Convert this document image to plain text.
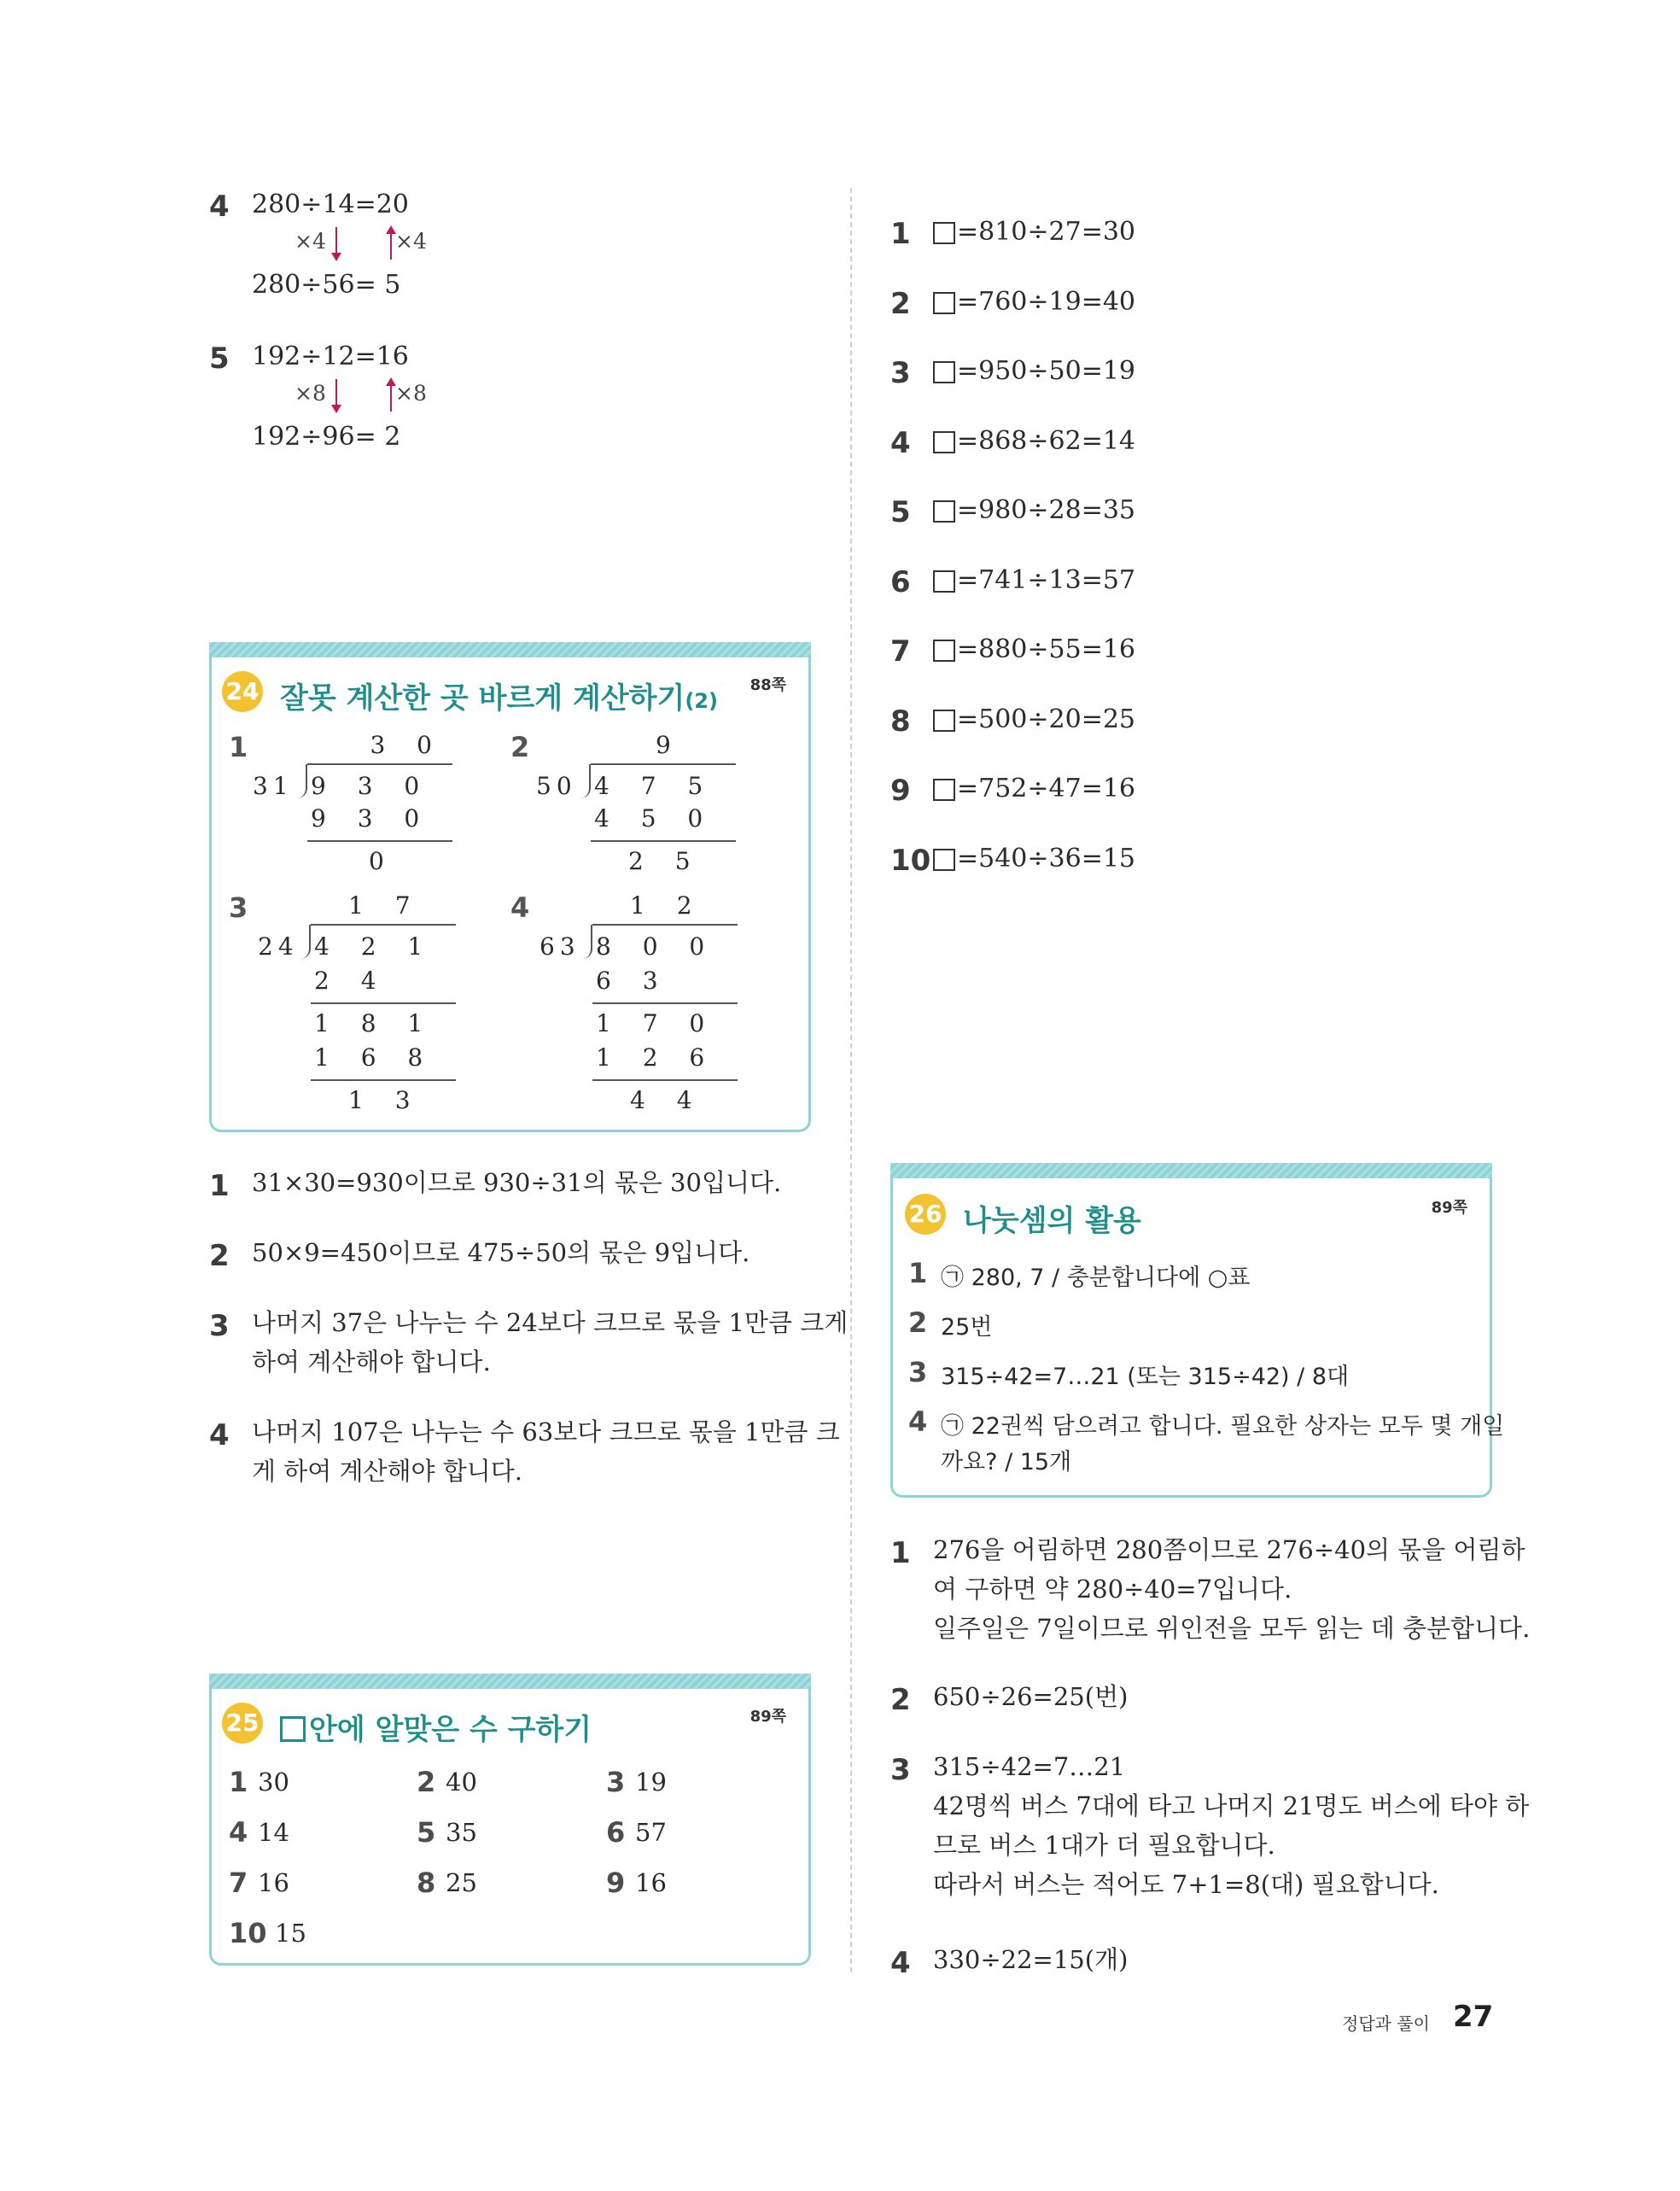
4 280÷14=20
×4	×4
280÷56= 5
5 192÷12=16
×8	×8
192÷96= 2
24 잘못 계산한 곳 바르게 계산하기(2)
88쪽
1	3 0
31 9 3 0
9 3 0
0
2	9
50 4 7 5
4 5 0
2 5
3	1 7
24 4 2 1
2 4
1 8 1
1 6 8
1 3
4	1 2
63 8 0 0
6 3
1 7 0
1 2 6
4 4
1 31×30=930이므로 930÷31의 몫은 30입니다.
2 50×9=450이므로 475÷50의 몫은 9입니다.
3 나머지 37은 나누는 수 24보다 크므로 몫을 1만큼 크게
하여 계산해야 합니다.
4 나머지 107은 나누는 수 63보다 크므로 몫을 1만큼 크
게 하여 계산해야 합니다.
25	안에 알맞은 수 구하기	89쪽
1 30	2 40	3 19
4 14	5 35	6 57
7 16	8 25	9 16
10 15
1 =810÷27=30
2 =760÷19=40
3 =950÷50=19
4 =868÷62=14
5 =980÷28=35
6 =741÷13=57
7 =880÷55=16
8 =500÷20=25
9 =752÷47=16
10 =540÷36=15
26 나눗셈의 활용	89쪽
1 ㉠ 280, 7 / 충분합니다에 ○표
2 25번
3 315÷42=7…21 (또는 315÷42) / 8대
4 ㉠ 22권씩 담으려고 합니다. 필요한 상자는 모두 몇 개일
까요? / 15개
1 276을 어림하면 280쯤이므로 276÷40의 몫을 어림하
여 구하면 약 280÷40=7입니다.
일주일은 7일이므로 위인전을 모두 읽는 데 충분합니다.
2 650÷26=25(번)
3 315÷42=7…21
42명씩 버스 7대에 타고 나머지 21명도 버스에 타야 하
므로 버스 1대가 더 필요합니다.
따라서 버스는 적어도 7+1=8(대) 필요합니다.
4 330÷22=15(개)
정답과 풀이 27
